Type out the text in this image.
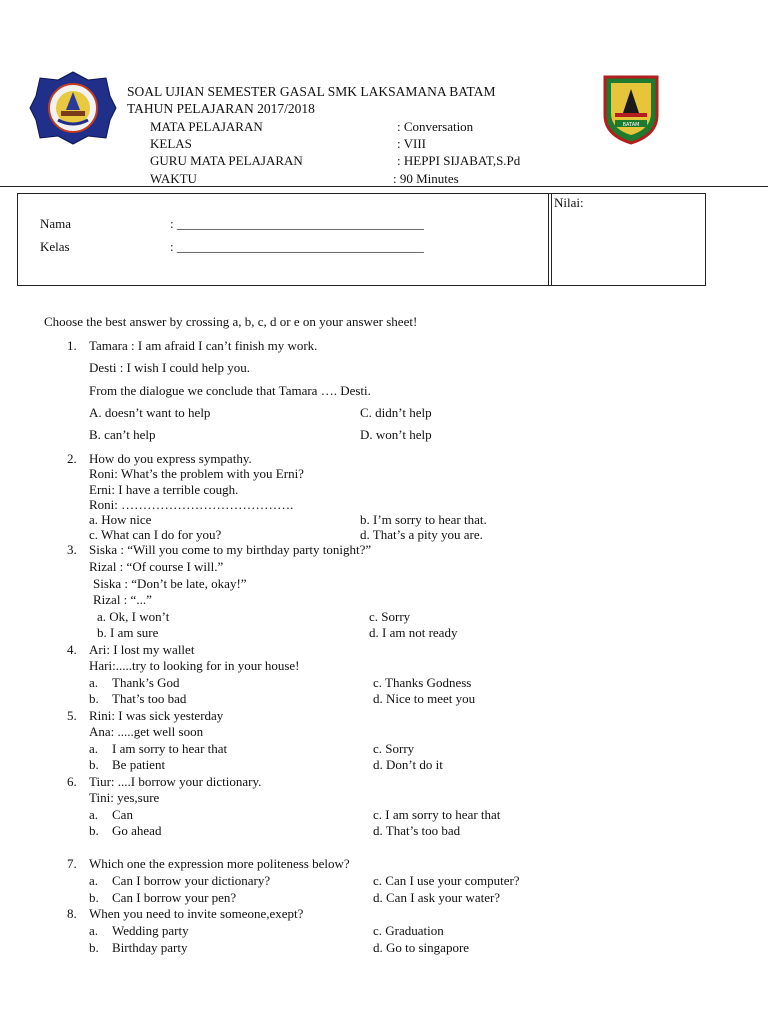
SOAL UJIAN SEMESTER GASAL SMK LAKSAMANA BATAM
TAHUN PELAJARAN 2017/2018
MATA PELAJARAN	: Conversation
KELAS	: VIII
GURU MATA PELAJARAN	: HEPPI SIJABAT,S.Pd
WAKTU	: 90 Minutes
BATAM
Nama	: ______________________________________
Kelas	: ______________________________________
Nilai:
Choose the best answer by crossing a, b, c, d or e on your answer sheet!
1. Tamara : I am afraid I can’t finish my work.
Desti : I wish I could help you.
From the dialogue we conclude that Tamara …. Desti.
A. doesn’t want to help	C. didn’t help
B. can’t help	D. won’t help
2. How do you express sympathy.
Roni: What’s the problem with you Erni?
Erni: I have a terrible cough.
Roni: ………………………………….
a. How nice	b. I’m sorry to hear that.
c. What can I do for you?	d. That’s a pity you are.
3. Siska : “Will you come to my birthday party tonight?”
Rizal : “Of course I will.”
Siska : “Don’t be late, okay!”
Rizal : “...”
a. Ok, I won’t	c. Sorry
b. I am sure	d. I am not ready
4. Ari: I lost my wallet
Hari:.....try to looking for in your house!
a. Thank’s God	c. Thanks Godness
b. That’s too bad	d. Nice to meet you
5. Rini: I was sick yesterday
Ana: .....get well soon
a. I am sorry to hear that	c. Sorry
b. Be patient	d. Don’t do it
6. Tiur: ....I borrow your dictionary.
Tini: yes,sure
a. Can	c. I am sorry to hear that
b. Go ahead	d. That’s too bad
7. Which one the expression more politeness below?
a. Can I borrow your dictionary?	c. Can I use your computer?
b. Can I borrow your pen?	d. Can I ask your water?
8. When you need to invite someone,exept?
a. Wedding party	c. Graduation
b. Birthday party	d. Go to singapore
